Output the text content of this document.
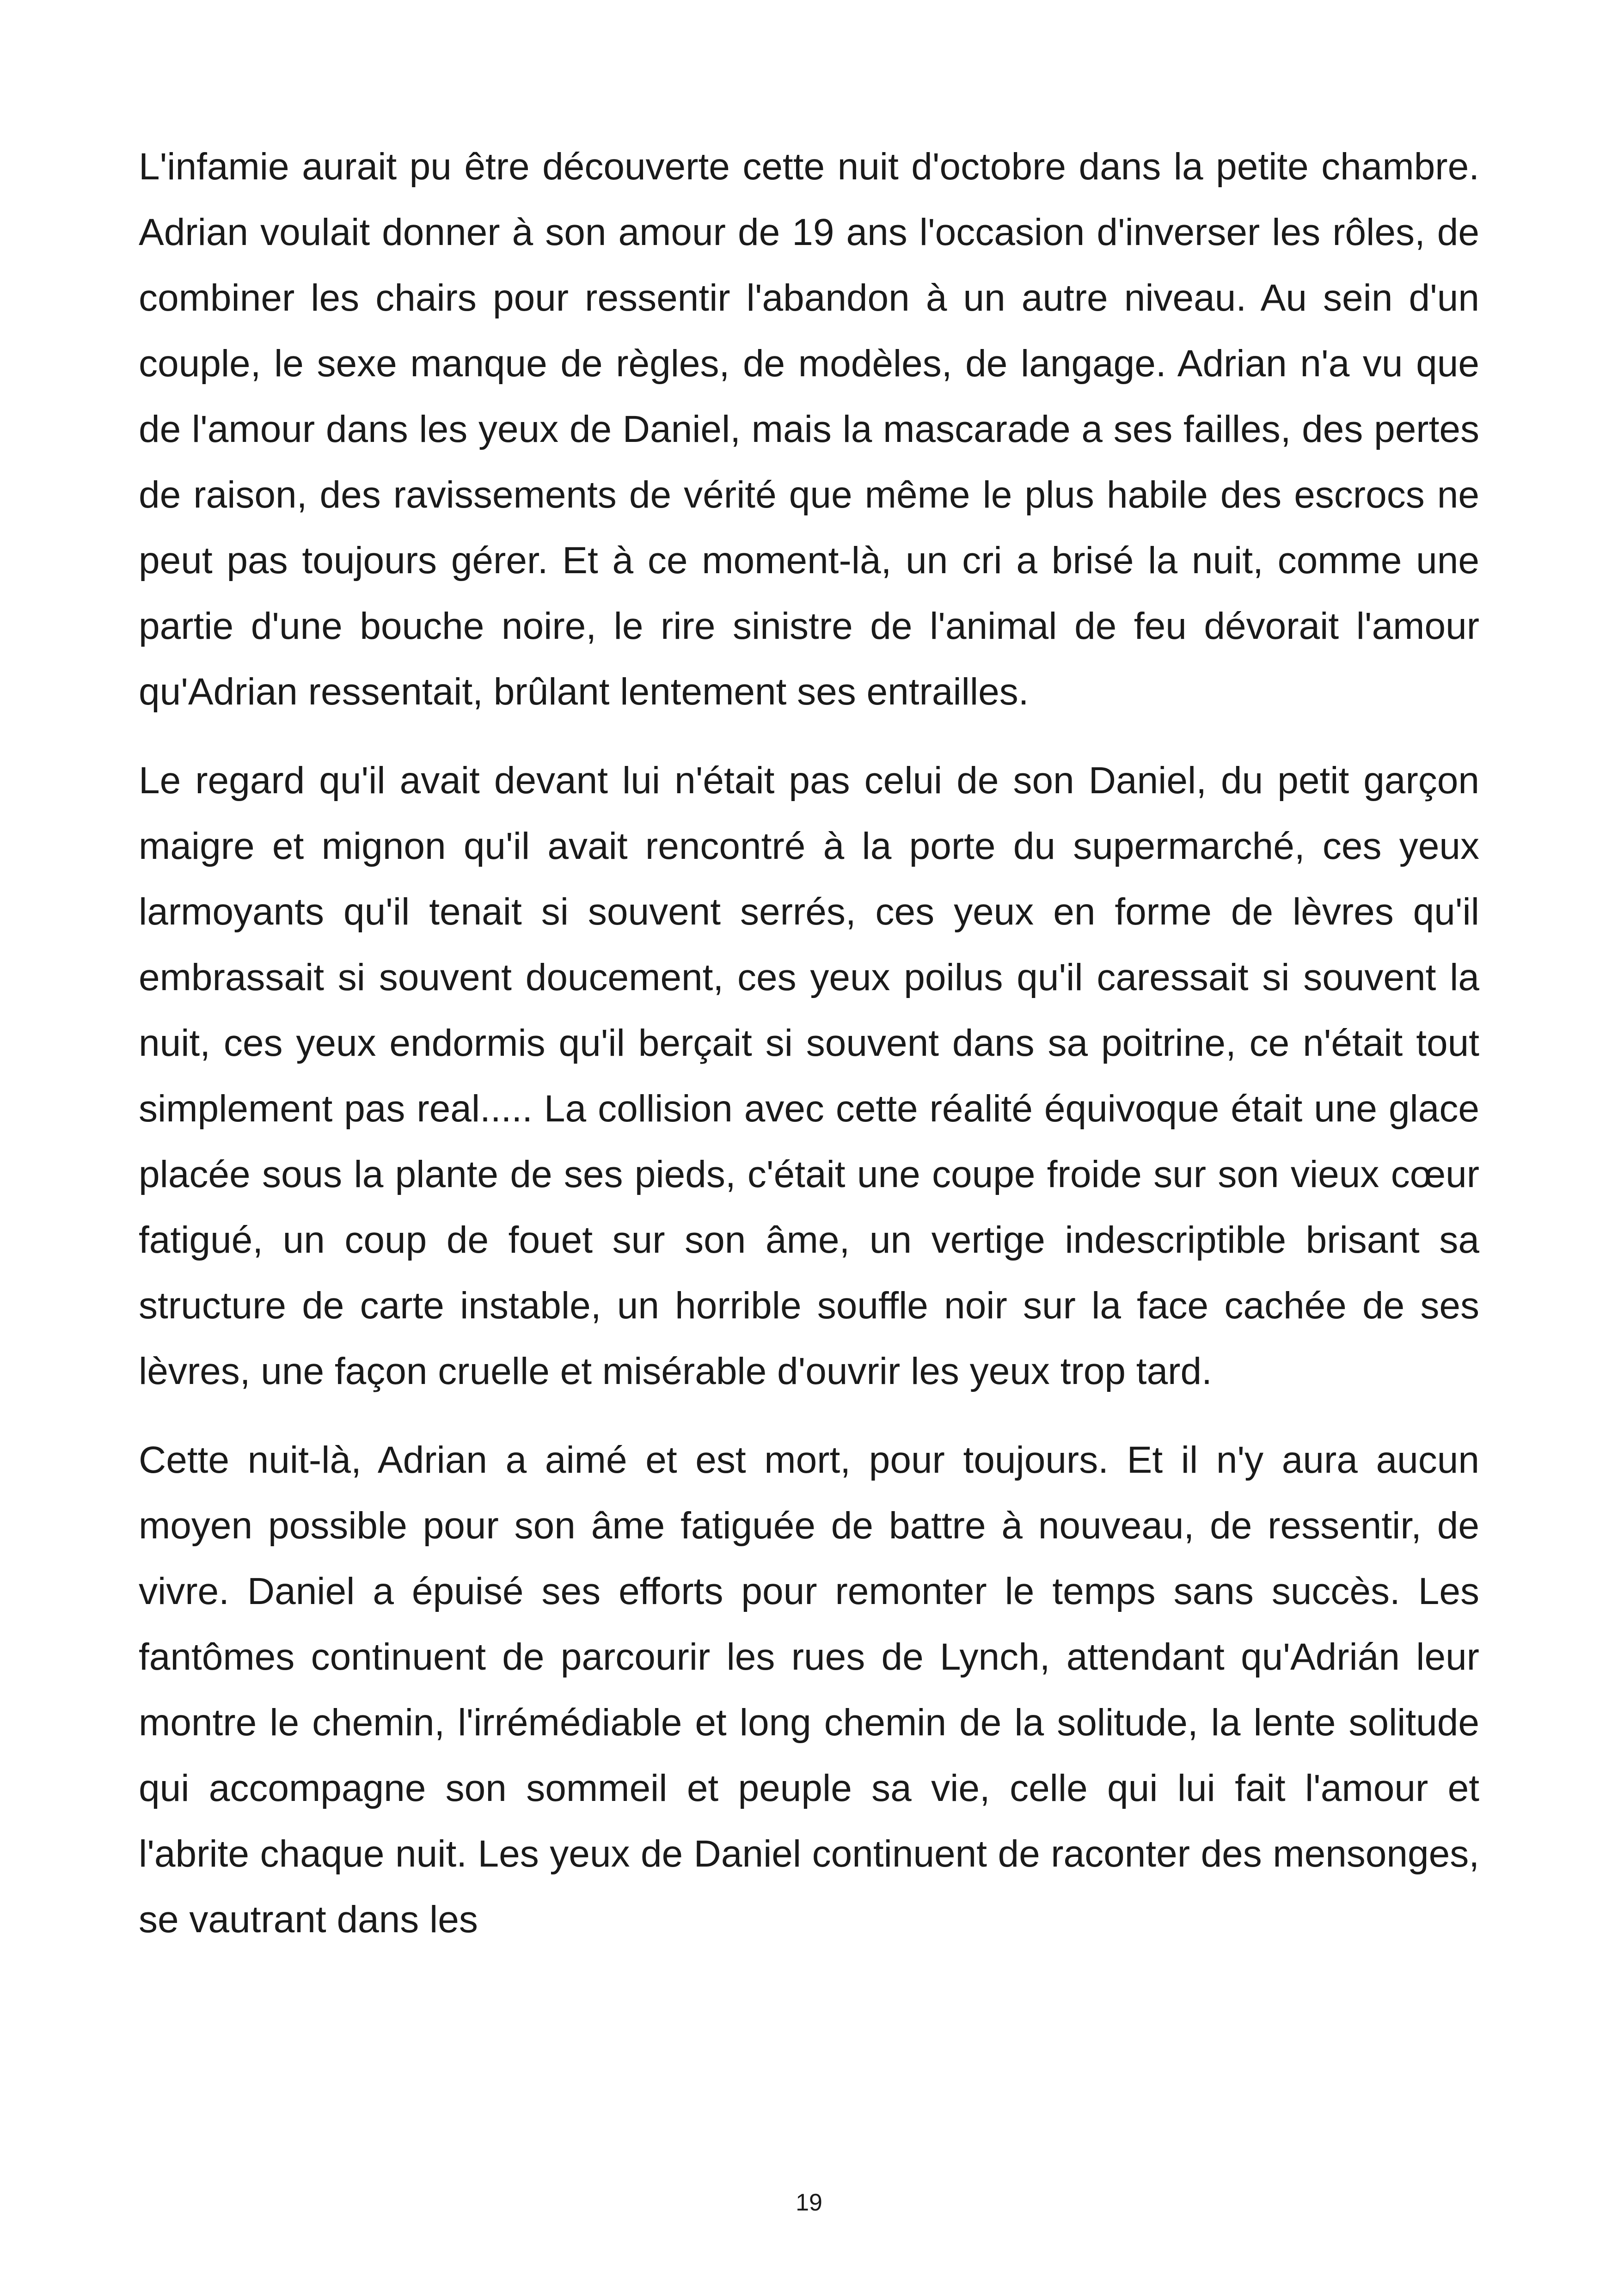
L'infamie aurait pu être découverte cette nuit d'octobre dans la petite chambre. Adrian voulait donner à son amour de 19 ans l'occasion d'inverser les rôles, de combiner les chairs pour ressentir l'abandon à un autre niveau. Au sein d'un couple, le sexe manque de règles, de modèles, de langage. Adrian n'a vu que de l'amour dans les yeux de Daniel, mais la mascarade a ses failles, des pertes de raison, des ravissements de vérité que même le plus habile des escrocs ne peut pas toujours gérer. Et à ce moment-là, un cri a brisé la nuit, comme une partie d'une bouche noire, le rire sinistre de l'animal de feu dévorait l'amour qu'Adrian ressentait, brûlant lentement ses entrailles.

Le regard qu'il avait devant lui n'était pas celui de son Daniel, du petit garçon maigre et mignon qu'il avait rencontré à la porte du supermarché, ces yeux larmoyants qu'il tenait si souvent serrés, ces yeux en forme de lèvres qu'il embrassait si souvent doucement, ces yeux poilus qu'il caressait si souvent la nuit, ces yeux endormis qu'il berçait si souvent dans sa poitrine, ce n'était tout simplement pas real..... La collision avec cette réalité équivoque était une glace placée sous la plante de ses pieds, c'était une coupe froide sur son vieux cœur fatigué, un coup de fouet sur son âme, un vertige indescriptible brisant sa structure de carte instable, un horrible souffle noir sur la face cachée de ses lèvres, une façon cruelle et misérable d'ouvrir les yeux trop tard.

Cette nuit-là, Adrian a aimé et est mort, pour toujours. Et il n'y aura aucun moyen possible pour son âme fatiguée de battre à nouveau, de ressentir, de vivre. Daniel a épuisé ses efforts pour remonter le temps sans succès. Les fantômes continuent de parcourir les rues de Lynch, attendant qu'Adrián leur montre le chemin, l'irrémédiable et long chemin de la solitude, la lente solitude qui accompagne son sommeil et peuple sa vie, celle qui lui fait l'amour et l'abrite chaque nuit. Les yeux de Daniel continuent de raconter des mensonges, se vautrant dans les

19
